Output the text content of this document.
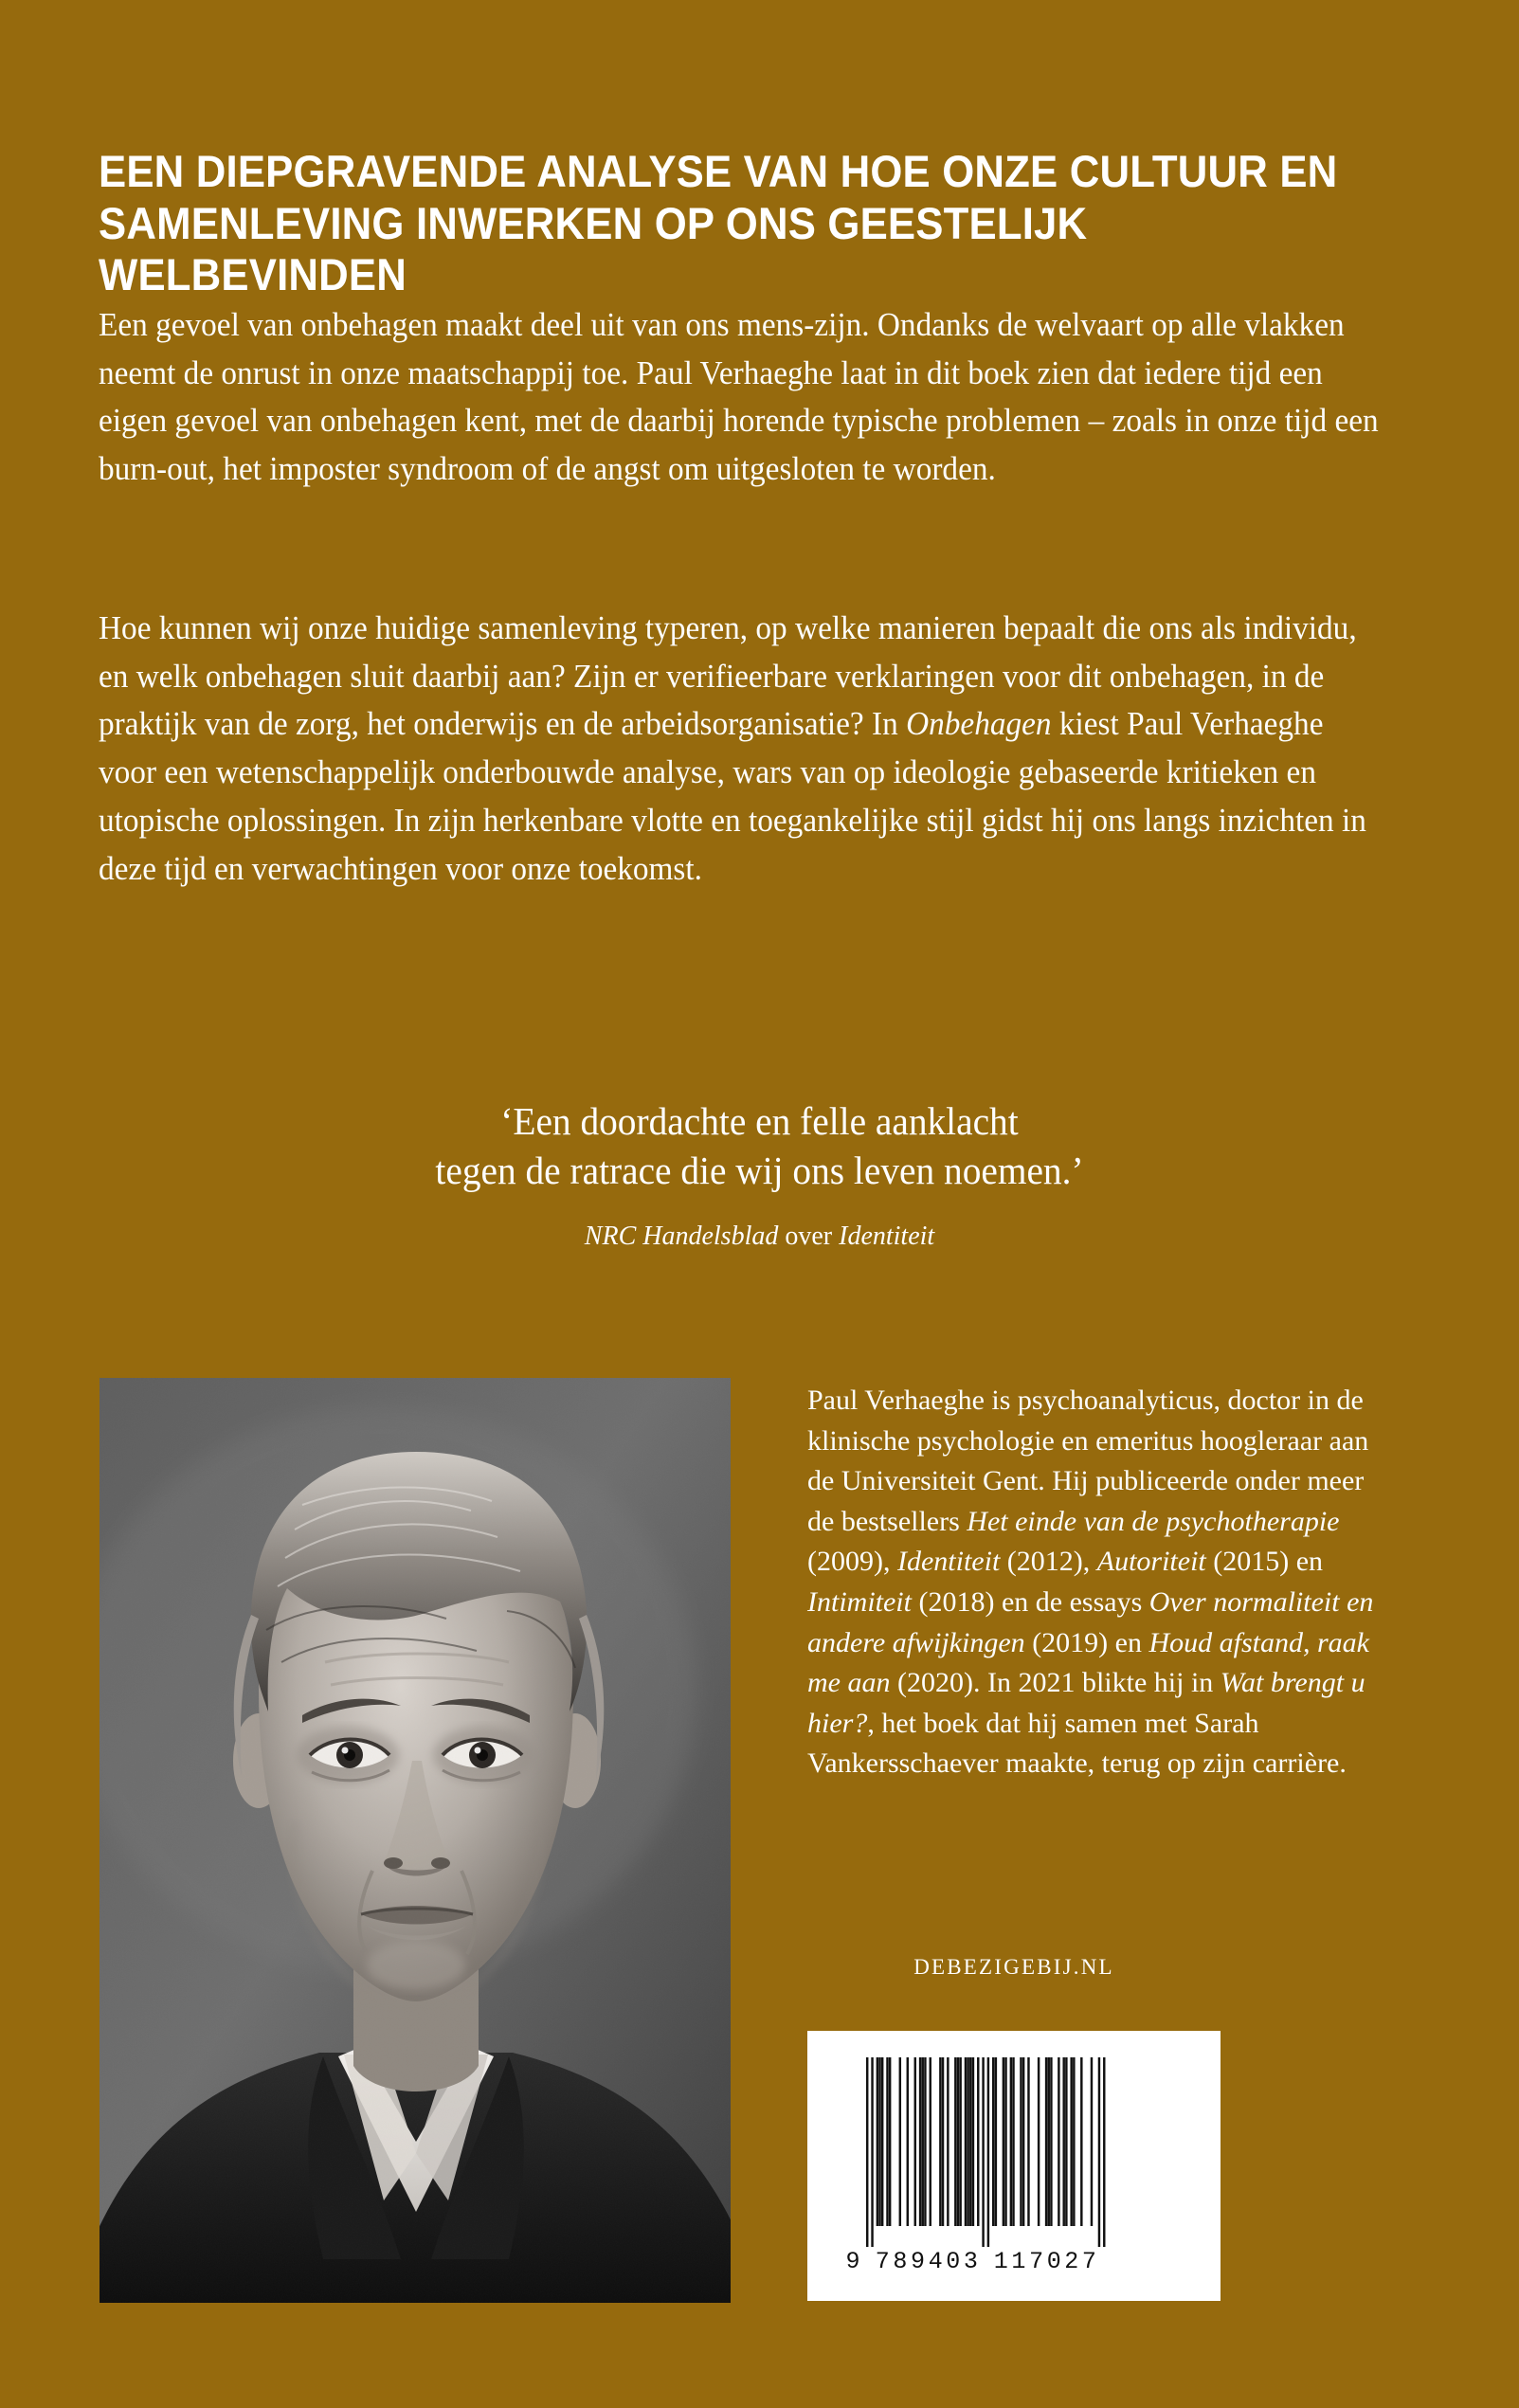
EEN DIEPGRAVENDE ANALYSE VAN HOE ONZE CULTUUR EN SAMENLEVING INWERKEN OP ONS GEESTELIJK WELBEVINDEN

Een gevoel van onbehagen maakt deel uit van ons mens-zijn. Ondanks de welvaart op alle vlakken neemt de onrust in onze maatschappij toe. Paul Verhaeghe laat in dit boek zien dat iedere tijd een eigen gevoel van onbehagen kent, met de daarbij horende typische problemen – zoals in onze tijd een burn-out, het imposter syndroom of de angst om uitgesloten te worden.

Hoe kunnen wij onze huidige samenleving typeren, op welke manieren bepaalt die ons als individu, en welk onbehagen sluit daarbij aan? Zijn er verifieerbare verklaringen voor dit onbehagen, in de praktijk van de zorg, het onderwijs en de arbeidsorganisatie? In Onbehagen kiest Paul Verhaeghe voor een wetenschappelijk onderbouwde analyse, wars van op ideologie gebaseerde kritieken en utopische oplossingen. In zijn herkenbare vlotte en toegankelijke stijl gidst hij ons langs inzichten in deze tijd en verwachtingen voor onze toekomst.

‘Een doordachte en felle aanklacht
tegen de ratrace die wij ons leven noemen.’
NRC Handelsblad over Identiteit

Paul Verhaeghe is psychoanalyticus, doctor in de klinische psychologie en emeritus hoogleraar aan de Universiteit Gent. Hij publiceerde onder meer de bestsellers Het einde van de psychotherapie (2009), Identiteit (2012), Autoriteit (2015) en Intimiteit (2018) en de essays Over normaliteit en andere afwijkingen (2019) en Houd afstand, raak me aan (2020). In 2021 blikte hij in Wat brengt u hier?, het boek dat hij samen met Sarah Vankersschaever maakte, terug op zijn carrière.

DEBEZIGEBIJ.NL
9 7 8 9 4 0 3 1 1 7 0 2 7
